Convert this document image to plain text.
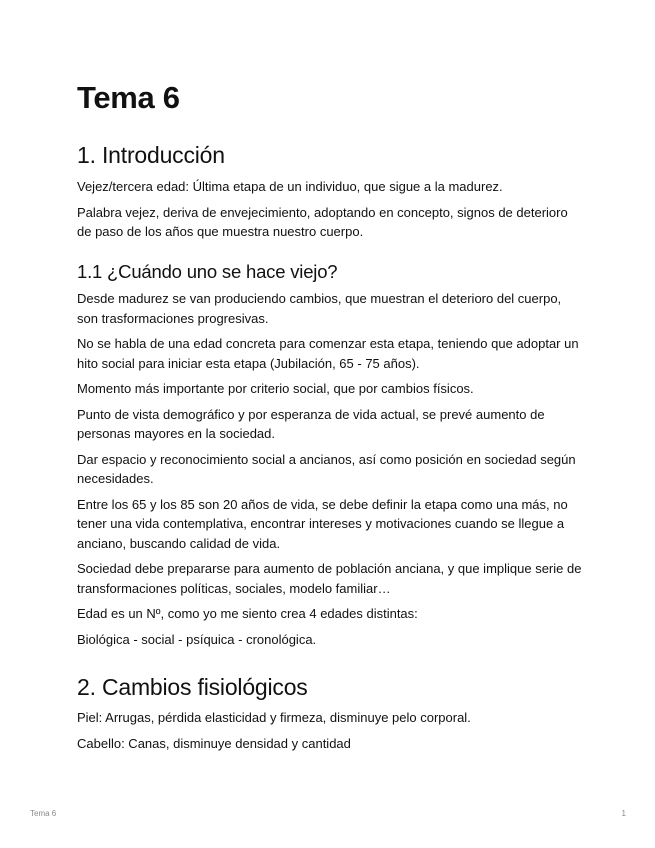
Tema 6
1. Introducción

Vejez/tercera edad: Última etapa de un individuo, que sigue a la madurez.

Palabra vejez, deriva de envejecimiento, adoptando en concepto, signos de deterioro de paso de los años que muestra nuestro cuerpo.

1.1 ¿Cuándo uno se hace viejo?

Desde madurez se van produciendo cambios, que muestran el deterioro del cuerpo, son trasformaciones progresivas.

No se habla de una edad concreta para comenzar esta etapa, teniendo que adoptar un hito social para iniciar esta etapa (Jubilación, 65 - 75 años).

Momento más importante por criterio social, que por cambios físicos.

Punto de vista demográfico y por esperanza de vida actual, se prevé aumento de personas mayores en la sociedad.

Dar espacio y reconocimiento social a ancianos, así como posición en sociedad según necesidades.

Entre los 65 y los 85 son 20 años de vida, se debe definir la etapa como una más, no tener una vida contemplativa, encontrar intereses y motivaciones cuando se llegue a anciano, buscando calidad de vida.

Sociedad debe prepararse para aumento de población anciana, y que implique serie de transformaciones políticas, sociales, modelo familiar…

Edad es un Nº, como yo me siento crea 4 edades distintas:

Biológica - social - psíquica - cronológica.

2. Cambios fisiológicos

Piel: Arrugas, pérdida elasticidad y firmeza, disminuye pelo corporal.

Cabello: Canas, disminuye densidad y cantidad

Tema 6	1
